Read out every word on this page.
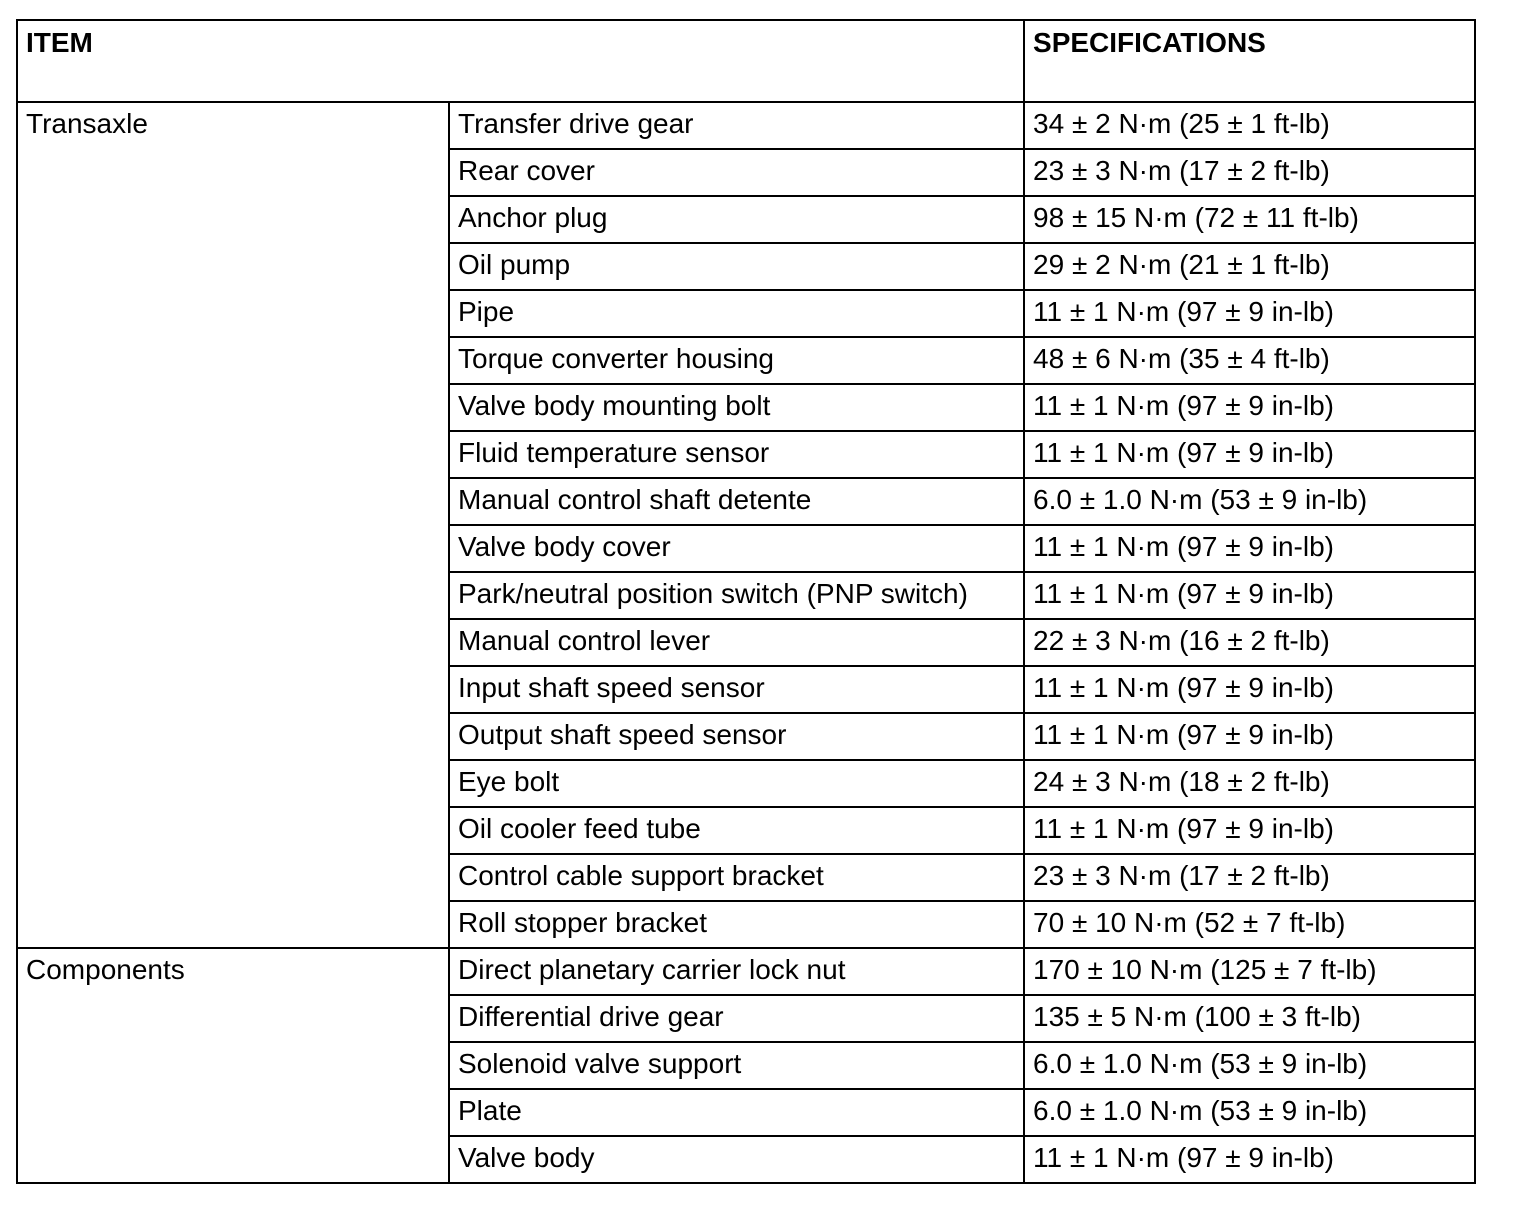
ITEM		SPECIFICATIONS
Transaxle	Transfer drive gear	34 ± 2 N·m (25 ± 1 ft-lb)
	Rear cover	23 ± 3 N·m (17 ± 2 ft-lb)
	Anchor plug	98 ± 15 N·m (72 ± 11 ft-lb)
	Oil pump	29 ± 2 N·m (21 ± 1 ft-lb)
	Pipe	11 ± 1 N·m (97 ± 9 in-lb)
	Torque converter housing	48 ± 6 N·m (35 ± 4 ft-lb)
	Valve body mounting bolt	11 ± 1 N·m (97 ± 9 in-lb)
	Fluid temperature sensor	11 ± 1 N·m (97 ± 9 in-lb)
	Manual control shaft detente	6.0 ± 1.0 N·m (53 ± 9 in-lb)
	Valve body cover	11 ± 1 N·m (97 ± 9 in-lb)
	Park/neutral position switch (PNP switch)	11 ± 1 N·m (97 ± 9 in-lb)
	Manual control lever	22 ± 3 N·m (16 ± 2 ft-lb)
	Input shaft speed sensor	11 ± 1 N·m (97 ± 9 in-lb)
	Output shaft speed sensor	11 ± 1 N·m (97 ± 9 in-lb)
	Eye bolt	24 ± 3 N·m (18 ± 2 ft-lb)
	Oil cooler feed tube	11 ± 1 N·m (97 ± 9 in-lb)
	Control cable support bracket	23 ± 3 N·m (17 ± 2 ft-lb)
	Roll stopper bracket	70 ± 10 N·m (52 ± 7 ft-lb)
Components	Direct planetary carrier lock nut	170 ± 10 N·m (125 ± 7 ft-lb)
	Differential drive gear	135 ± 5 N·m (100 ± 3 ft-lb)
	Solenoid valve support	6.0 ± 1.0 N·m (53 ± 9 in-lb)
	Plate	6.0 ± 1.0 N·m (53 ± 9 in-lb)
	Valve body	11 ± 1 N·m (97 ± 9 in-lb)
